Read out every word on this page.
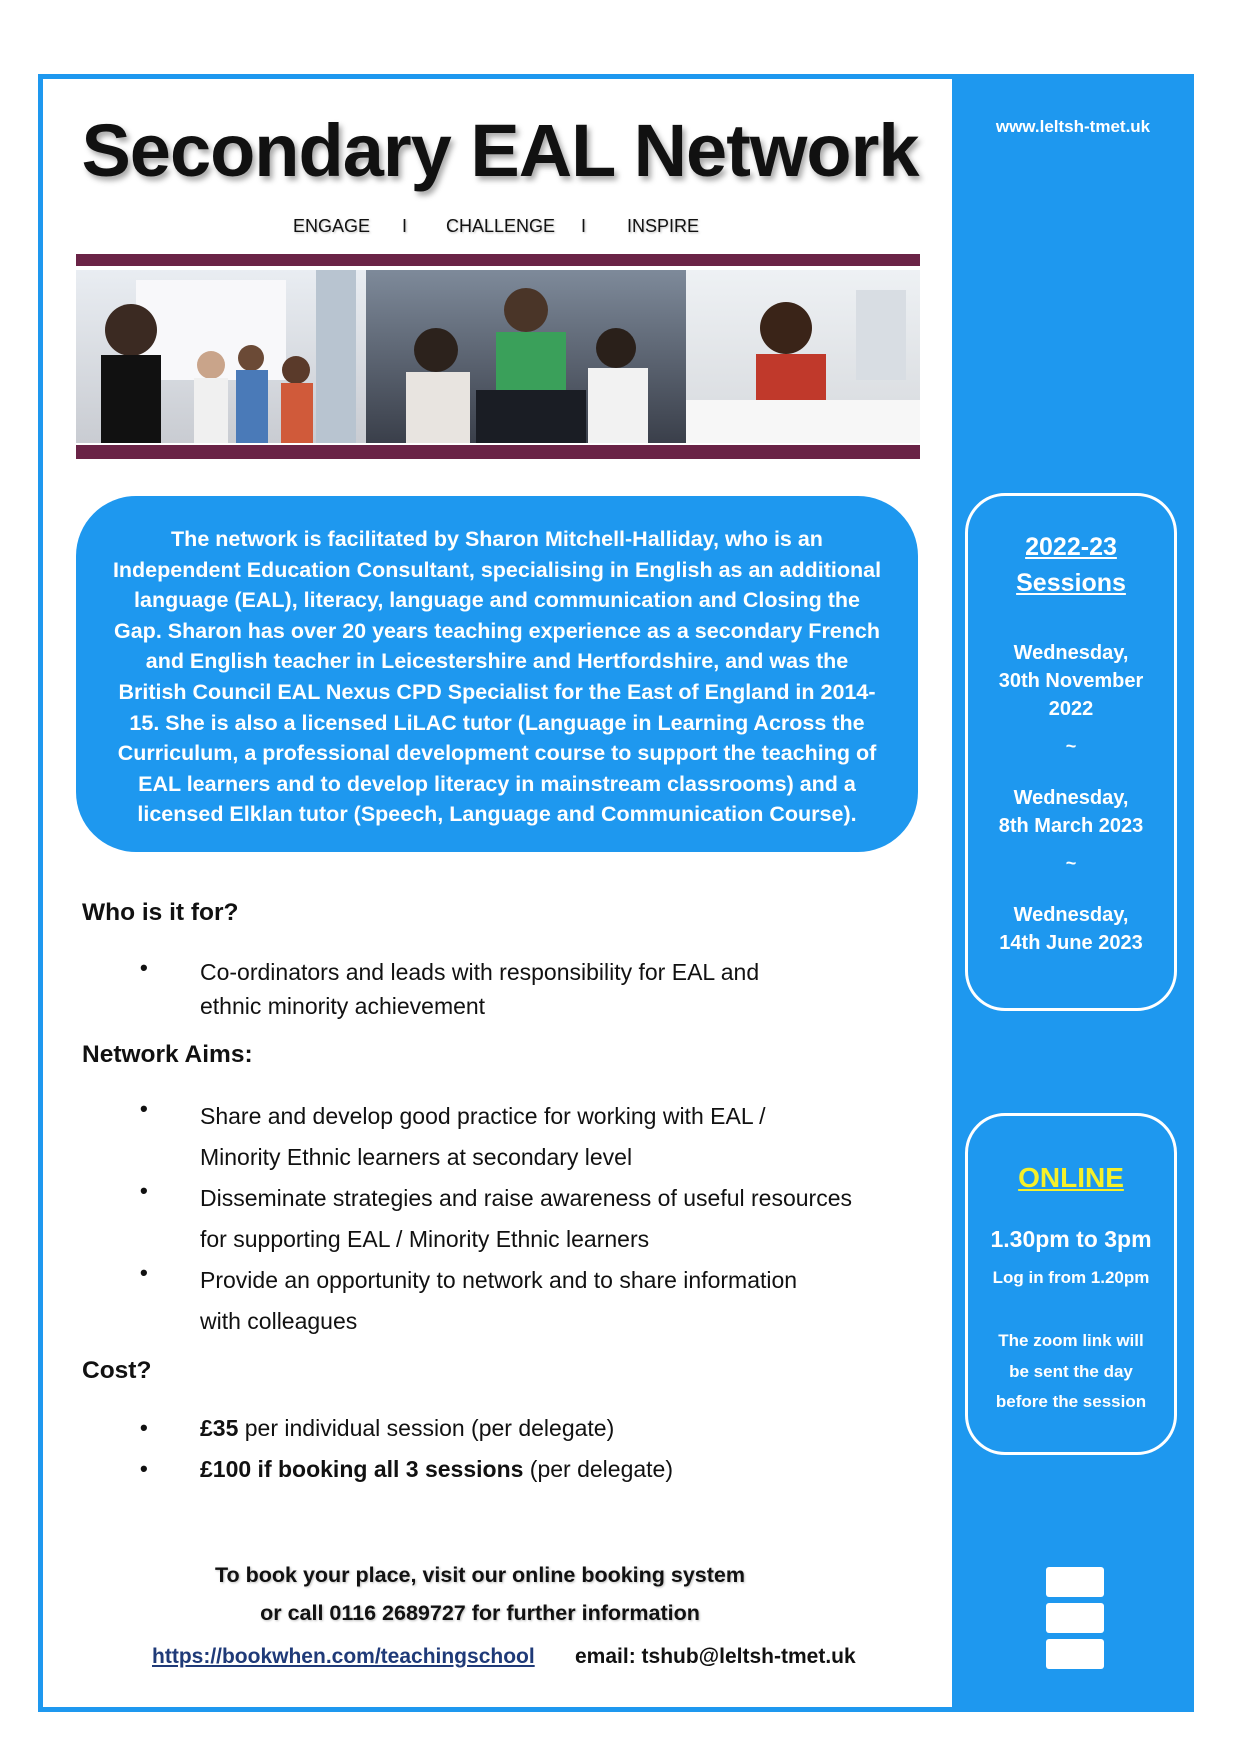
www.leltsh-tmet.uk
Secondary EAL Network
ENGAGE I CHALLENGE I INSPIRE
The network is facilitated by Sharon Mitchell-Halliday, who is an
Independent Education Consultant, specialising in English as an additional
language (EAL), literacy, language and communication and Closing the
Gap. Sharon has over 20 years teaching experience as a secondary French
and English teacher in Leicestershire and Hertfordshire, and was the
British Council EAL Nexus CPD Specialist for the East of England in 2014-
15. She is also a licensed LiLAC tutor (Language in Learning Across the
Curriculum, a professional development course to support the teaching of
EAL learners and to develop literacy in mainstream classrooms) and a
licensed Elklan tutor (Speech, Language and Communication Course).
Who is it for?
• Co-ordinators and leads with responsibility for EAL and
ethnic minority achievement
Network Aims:
• Share and develop good practice for working with EAL /
Minority Ethnic learners at secondary level
• Disseminate strategies and raise awareness of useful resources
for supporting EAL / Minority Ethnic learners
• Provide an opportunity to network and to share information
with colleagues
Cost?
• £35 per individual session (per delegate)
• £100 if booking all 3 sessions (per delegate)
2022-23
Sessions
Wednesday,
30th November
2022
~
Wednesday,
8th March 2023
~
Wednesday,
14th June 2023
ONLINE
1.30pm to 3pm
Log in from 1.20pm
The zoom link will
be sent the day
before the session
To book your place, visit our online booking system
or call 0116 2689727 for further information
https://bookwhen.com/teachingschool email: tshub@leltsh-tmet.uk
